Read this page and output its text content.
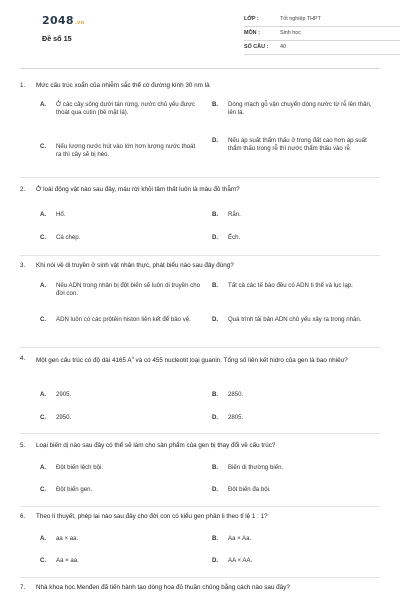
2048.vn
Đề số 15
LỚP :	Tốt nghiệp THPT
MÔN :	Sinh học
SỐ CÂU :	40
1. Mức cấu trúc xoắn của nhiễm sắc thể có đường kính 30 nm là
A. Ở các cây sống dưới tán rừng, nước chủ yếu được thoát qua cutin (bề mặt lá).
B. Dòng mạch gỗ vận chuyển dòng nước từ rễ lên thân, lên lá.
C. Nếu lượng nước hút vào lớn hơn lượng nước thoát ra thì cây sẽ bị héo.
D. Nếu áp suất thẩm thấu ở trong đất cao hơn áp suất thẩm thấu trong rễ thì nước thẩm thấu vào rễ.
2. Ở loài động vật nào sau đây, máu rời khỏi tâm thất luôn là máu đỏ thẫm?
A. Hổ.	B. Rắn.
C. Cá chép.	D. Ếch.
3. Khi nói về di truyền ở sinh vật nhân thực, phát biểu nào sau đây đúng?
A. Nếu ADN trong nhân bị đột biến sẽ luôn di truyền cho đời con.
B. Tất cả các tế bào đều có ADN ti thể và lục lạp.
C. ADN luôn có các prôtêin histon liên kết để bảo vệ.	D. Quá trình tái bản ADN chủ yếu xảy ra trong nhân.
4. Một gen cấu trúc có độ dài 4165 $A^0$ và có 455 nucleotit loại guanin. Tổng số liên kết hidro của gen là bao nhiêu?
A. 2905.	B. 2850.
C. 2950.	D. 2805.
5. Loại biến dị nào sau đây có thể sẽ làm cho sản phẩm của gen bị thay đổi về cấu trúc?
A. Đột biến lệch bội.	B. Biến dị thường biến.
C. Đột biến gen.	D. Đột biến đa bội.
6. Theo lí thuyết, phép lai nào sau đây cho đời con có kiểu gen phân li theo tỉ lệ 1 : 1?
A. aa × aa.	B. Aa × Aa.
C. Aa × aa.	D. AA × AA.
7. Nhà khoa học Menđen đã tiến hành tạo dòng hoa đỏ thuần chủng bằng cách nào sau đây?
